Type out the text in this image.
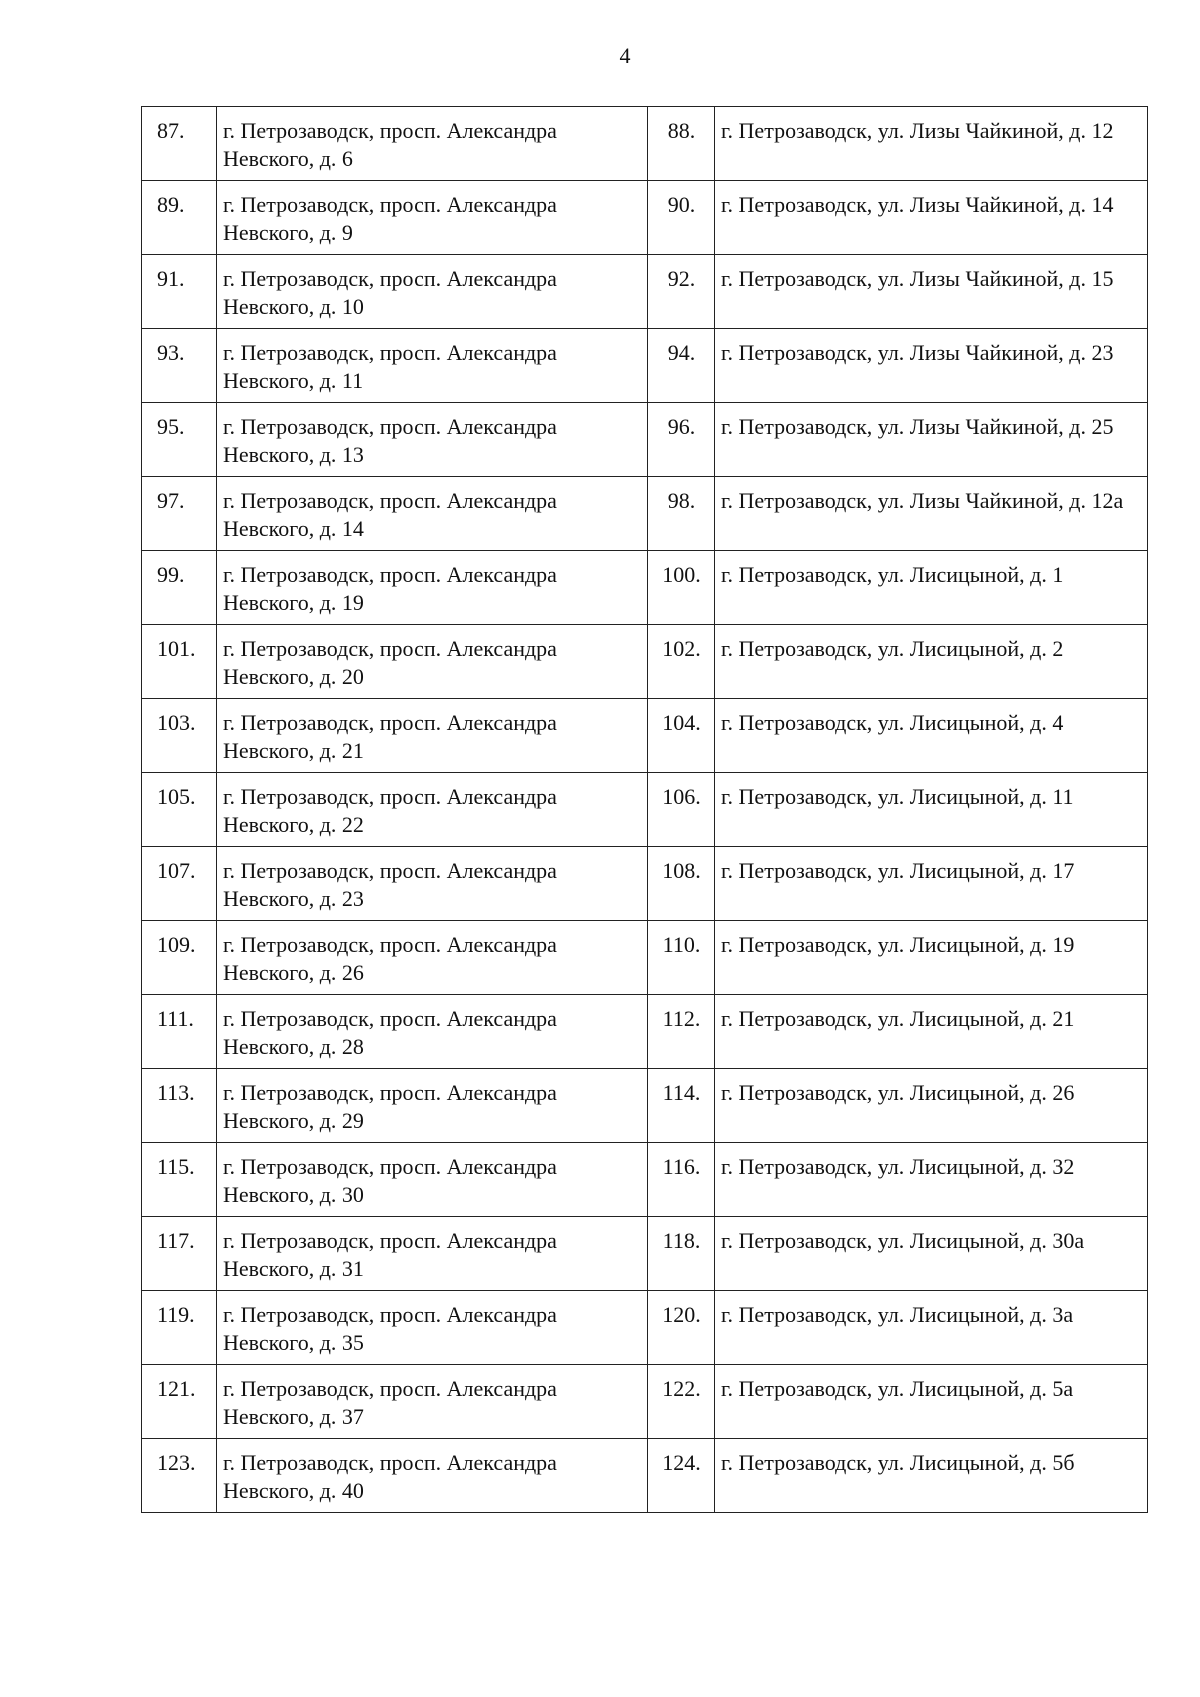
4
87.	г. Петрозаводск, просп. Александра Невского, д. 6	88.	г. Петрозаводск, ул. Лизы Чайкиной, д. 12
89.	г. Петрозаводск, просп. Александра Невского, д. 9	90.	г. Петрозаводск, ул. Лизы Чайкиной, д. 14
91.	г. Петрозаводск, просп. Александра Невского, д. 10	92.	г. Петрозаводск, ул. Лизы Чайкиной, д. 15
93.	г. Петрозаводск, просп. Александра Невского, д. 11	94.	г. Петрозаводск, ул. Лизы Чайкиной, д. 23
95.	г. Петрозаводск, просп. Александра Невского, д. 13	96.	г. Петрозаводск, ул. Лизы Чайкиной, д. 25
97.	г. Петрозаводск, просп. Александра Невского, д. 14	98.	г. Петрозаводск, ул. Лизы Чайкиной, д. 12а
99.	г. Петрозаводск, просп. Александра Невского, д. 19	100.	г. Петрозаводск, ул. Лисицыной, д. 1
101.	г. Петрозаводск, просп. Александра Невского, д. 20	102.	г. Петрозаводск, ул. Лисицыной, д. 2
103.	г. Петрозаводск, просп. Александра Невского, д. 21	104.	г. Петрозаводск, ул. Лисицыной, д. 4
105.	г. Петрозаводск, просп. Александра Невского, д. 22	106.	г. Петрозаводск, ул. Лисицыной, д. 11
107.	г. Петрозаводск, просп. Александра Невского, д. 23	108.	г. Петрозаводск, ул. Лисицыной, д. 17
109.	г. Петрозаводск, просп. Александра Невского, д. 26	110.	г. Петрозаводск, ул. Лисицыной, д. 19
111.	г. Петрозаводск, просп. Александра Невского, д. 28	112.	г. Петрозаводск, ул. Лисицыной, д. 21
113.	г. Петрозаводск, просп. Александра Невского, д. 29	114.	г. Петрозаводск, ул. Лисицыной, д. 26
115.	г. Петрозаводск, просп. Александра Невского, д. 30	116.	г. Петрозаводск, ул. Лисицыной, д. 32
117.	г. Петрозаводск, просп. Александра Невского, д. 31	118.	г. Петрозаводск, ул. Лисицыной, д. 30а
119.	г. Петрозаводск, просп. Александра Невского, д. 35	120.	г. Петрозаводск, ул. Лисицыной, д. 3а
121.	г. Петрозаводск, просп. Александра Невского, д. 37	122.	г. Петрозаводск, ул. Лисицыной, д. 5а
123.	г. Петрозаводск, просп. Александра Невского, д. 40	124.	г. Петрозаводск, ул. Лисицыной, д. 5б
